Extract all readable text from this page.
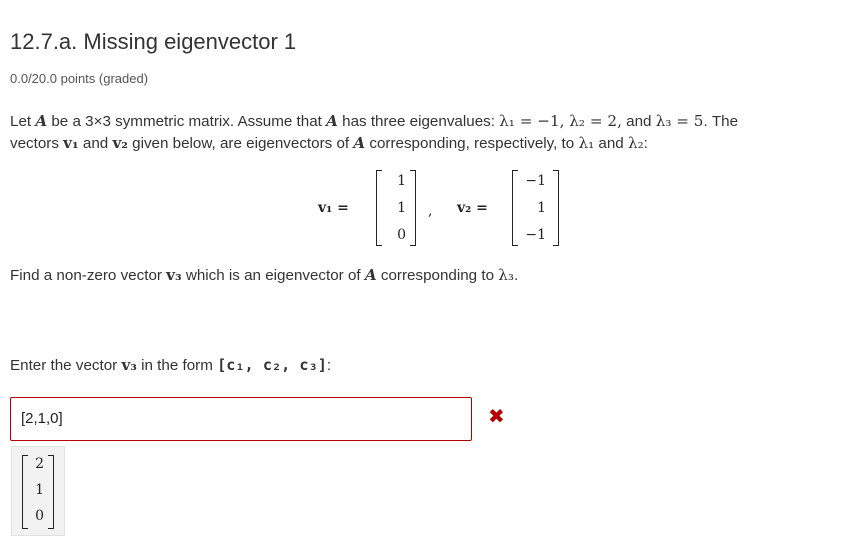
12.7.a. Missing eigenvector 1
0.0/20.0 points (graded)
Let A be a 3×3 symmetric matrix. Assume that A has three eigenvalues: λ₁ = −1, λ₂ = 2, and λ₃ = 5. The
vectors v₁ and v₂ given below, are eigenvectors of A corresponding, respectively, to λ₁ and λ₂:
v₁ =
1
1
0
, v₂ =
−1
1
−1
Find a non-zero vector v₃ which is an eigenvector of A corresponding to λ₃.
Enter the vector v₃ in the form [c₁, c₂, c₃]:
[2,1,0]	✖
2
1
0
